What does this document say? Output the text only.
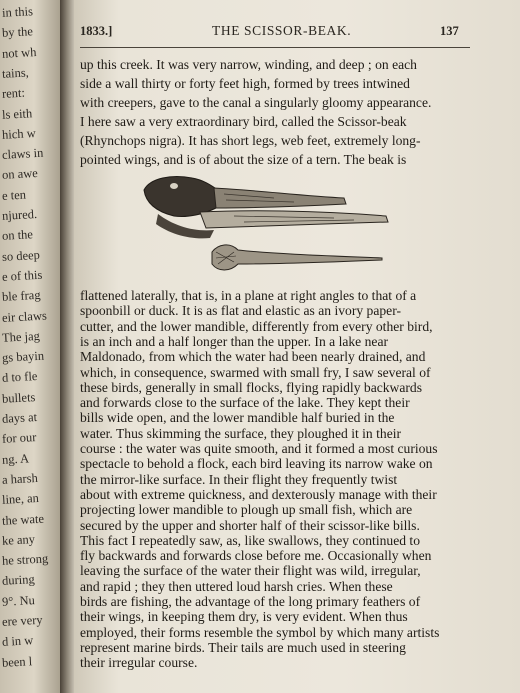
in this
by the
not wh
tains,
rent:
ls eith
hich w
claws in
on awe
e ten
njured.
on the
so deep
e of this
ble frag
eir claws
The jag
gs bayin
d to fle
bullets
days at
for our
ng. A
a harsh
line, an
the wate
ke any
he strong
during
9°. Nu
ere very
d in w
been l
1833.]	THE SCISSOR-BEAK.	137
up this creek. It was very narrow, winding, and deep ; on each
side a wall thirty or forty feet high, formed by trees intwined
with creepers, gave to the canal a singularly gloomy appearance.
I here saw a very extraordinary bird, called the Scissor-beak
(Rhynchops nigra). It has short legs, web feet, extremely long-
pointed wings, and is of about the size of a tern. The beak is
flattened laterally, that is, in a plane at right angles to that of a
spoonbill or duck. It is as flat and elastic as an ivory paper-
cutter, and the lower mandible, differently from every other bird,
is an inch and a half longer than the upper. In a lake near
Maldonado, from which the water had been nearly drained, and
which, in consequence, swarmed with small fry, I saw several of
these birds, generally in small flocks, flying rapidly backwards
and forwards close to the surface of the lake. They kept their
bills wide open, and the lower mandible half buried in the
water. Thus skimming the surface, they ploughed it in their
course : the water was quite smooth, and it formed a most curious
spectacle to behold a flock, each bird leaving its narrow wake on
the mirror-like surface. In their flight they frequently twist
about with extreme quickness, and dexterously manage with their
projecting lower mandible to plough up small fish, which are
secured by the upper and shorter half of their scissor-like bills.
This fact I repeatedly saw, as, like swallows, they continued to
fly backwards and forwards close before me. Occasionally when
leaving the surface of the water their flight was wild, irregular,
and rapid ; they then uttered loud harsh cries. When these
birds are fishing, the advantage of the long primary feathers of
their wings, in keeping them dry, is very evident. When thus
employed, their forms resemble the symbol by which many artists
represent marine birds. Their tails are much used in steering
their irregular course.
